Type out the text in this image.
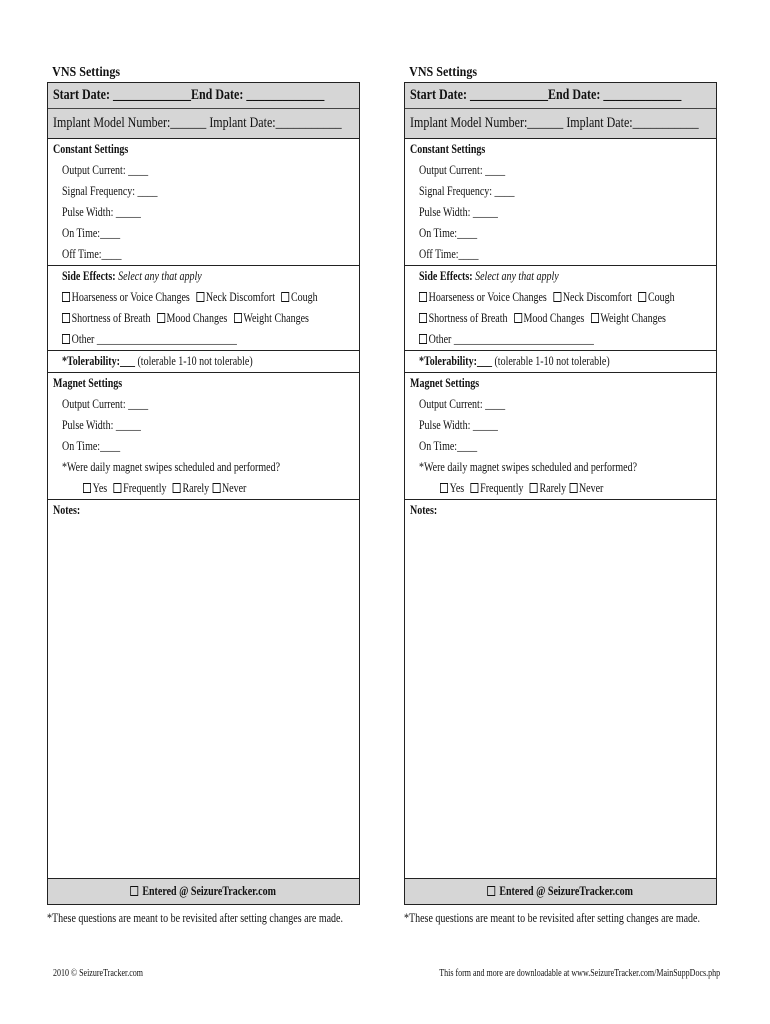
VNS Settings
Start Date: _____________End Date: _____________
Implant Model Number:______ Implant Date:___________
Constant Settings
Output Current: ____
Signal Frequency: ____
Pulse Width: _____
On Time:____
Off Time:____
Side Effects: Select any that apply
Hoarseness or Voice Changes Neck Discomfort Cough
Shortness of Breath Mood Changes Weight Changes
Other ____________________________
*Tolerability:___ (tolerable 1-10 not tolerable)
Magnet Settings
Output Current: ____
Pulse Width: _____
On Time:____
*Were daily magnet swipes scheduled and performed?
Yes Frequently Rarely Never
Notes:
Entered @ SeizureTracker.com
*These questions are meant to be revisited after setting changes are made.
VNS Settings
Start Date: _____________End Date: _____________
Implant Model Number:______ Implant Date:___________
Constant Settings
Output Current: ____
Signal Frequency: ____
Pulse Width: _____
On Time:____
Off Time:____
Side Effects: Select any that apply
Hoarseness or Voice Changes Neck Discomfort Cough
Shortness of Breath Mood Changes Weight Changes
Other ____________________________
*Tolerability:___ (tolerable 1-10 not tolerable)
Magnet Settings
Output Current: ____
Pulse Width: _____
On Time:____
*Were daily magnet swipes scheduled and performed?
Yes Frequently Rarely Never
Notes:
Entered @ SeizureTracker.com
*These questions are meant to be revisited after setting changes are made.
2010 © SeizureTracker.com	This form and more are downloadable at www.SeizureTracker.com/MainSuppDocs.php
